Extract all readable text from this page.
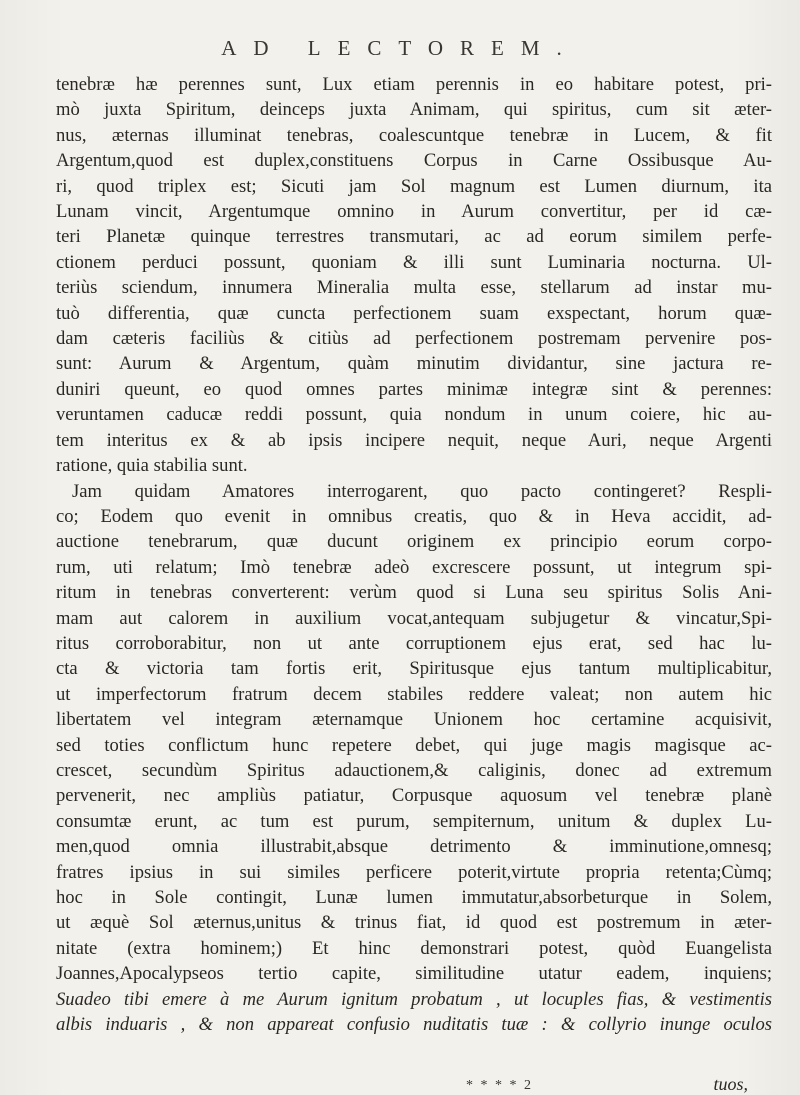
AD LECTOREM.
tenebræ hæ perennes sunt, Lux etiam perennis in eo habitare potest, pri-
mò juxta Spiritum, deinceps juxta Animam, qui spiritus, cum sit æter-
nus, æternas illuminat tenebras, coalescuntque tenebræ in Lucem, & fit
Argentum,quod est duplex,constituens Corpus in Carne Ossibusque Au-
ri, quod triplex est; Sicuti jam Sol magnum est Lumen diurnum, ita
Lunam vincit, Argentumque omnino in Aurum convertitur, per id cæ-
teri Planetæ quinque terrestres transmutari, ac ad eorum similem perfe-
ctionem perduci possunt, quoniam & illi sunt Luminaria nocturna. Ul-
teriùs sciendum, innumera Mineralia multa esse, stellarum ad instar mu-
tuò differentia, quæ cuncta perfectionem suam exspectant, horum quæ-
dam cæteris faciliùs & citiùs ad perfectionem postremam pervenire pos-
sunt: Aurum & Argentum, quàm minutim dividantur, sine jactura re-
duniri queunt, eo quod omnes partes minimæ integræ sint & perennes:
veruntamen caducæ reddi possunt, quia nondum in unum coiere, hic au-
tem interitus ex & ab ipsis incipere nequit, neque Auri, neque Argenti
ratione, quia stabilia sunt.
Jam quidam Amatores interrogarent, quo pacto contingeret? Respli-
co; Eodem quo evenit in omnibus creatis, quo & in Heva accidit, ad-
auctione tenebrarum, quæ ducunt originem ex principio eorum corpo-
rum, uti relatum; Imò tenebræ adeò excrescere possunt, ut integrum spi-
ritum in tenebras converterent: verùm quod si Luna seu spiritus Solis Ani-
mam aut calorem in auxilium vocat,antequam subjugetur & vincatur,Spi-
ritus corroborabitur, non ut ante corruptionem ejus erat, sed hac lu-
cta & victoria tam fortis erit, Spiritusque ejus tantum multiplicabitur,
ut imperfectorum fratrum decem stabiles reddere valeat; non autem hic
libertatem vel integram æternamque Unionem hoc certamine acquisivit,
sed toties conflictum hunc repetere debet, qui juge magis magisque ac-
crescet, secundùm Spiritus adauctionem,& caliginis, donec ad extremum
pervenerit, nec ampliùs patiatur, Corpusque aquosum vel tenebræ planè
consumtæ erunt, ac tum est purum, sempiternum, unitum & duplex Lu-
men,quod omnia illustrabit,absque detrimento & imminutione,omnesq;
fratres ipsius in sui similes perficere poterit,virtute propria retenta;Cùmq;
hoc in Sole contingit, Lunæ lumen immutatur,absorbeturque in Solem,
ut æquè Sol æternus,unitus & trinus fiat, id quod est postremum in æter-
nitate (extra hominem;) Et hinc demonstrari potest, quòd Euangelista
Joannes,Apocalypseos tertio capite, similitudine utatur eadem, inquiens;
Suadeo tibi emere à me Aurum ignitum probatum , ut locuples fias, & vestimentis
albis induaris , & non appareat confusio nuditatis tuæ : & collyrio inunge oculos
* * * * 2	tuos,
